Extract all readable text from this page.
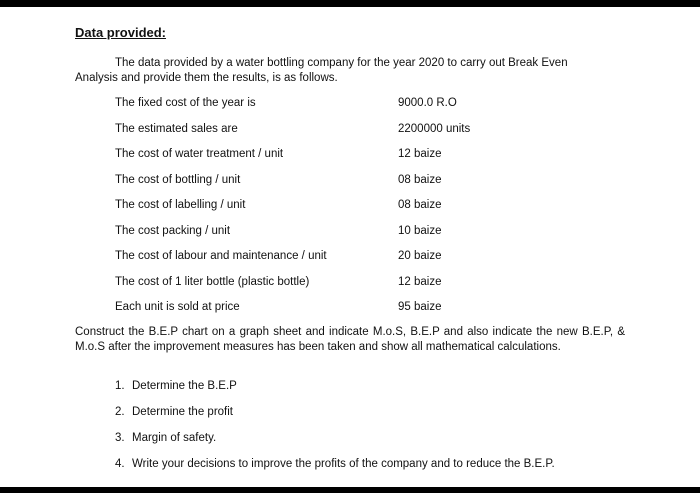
Data provided:
The data provided by a water bottling company for the year 2020 to carry out Break Even
Analysis and provide them the results, is as follows.
The fixed cost of the year is	9000.0 R.O
The estimated sales are	2200000 units
The cost of water treatment / unit	12 baize
The cost of bottling / unit	08 baize
The cost of labelling / unit	08 baize
The cost packing / unit	10 baize
The cost of labour and maintenance / unit	20 baize
The cost of 1 liter bottle (plastic bottle)	12 baize
Each unit is sold at price	95 baize
Construct the B.E.P chart on a graph sheet and indicate M.o.S, B.E.P and also indicate the new B.E.P, & M.o.S after the improvement measures has been taken and show all mathematical calculations.
1. Determine the B.E.P
2. Determine the profit
3. Margin of safety.
4. Write your decisions to improve the profits of the company and to reduce the B.E.P.
